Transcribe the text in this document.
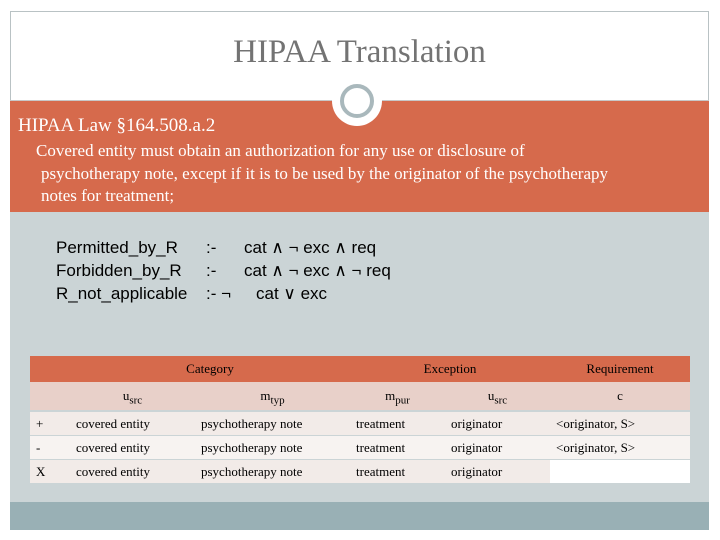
HIPAA Translation
HIPAA Law §164.508.a.2
Covered entity must obtain an authorization for any use or disclosure of
psychotherapy note, except if it is to be used by the originator of the psychotherapy
notes for treatment;
Permitted_by_R :- cat ∧ ¬ exc ∧ req
Forbidden_by_R :- cat ∧ ¬ exc ∧ ¬ req
R_not_applicable :- ¬ cat ∨ exc
Category	Exception	Requirement
$u_{src}$	$m_{typ}$	$m_{pur}$	$u_{src}$	c
+	covered entity	psychotherapy note	treatment	originator	<originator, S>
-	covered entity	psychotherapy note	treatment	originator	<originator, S>
X	covered entity	psychotherapy note	treatment	originator
